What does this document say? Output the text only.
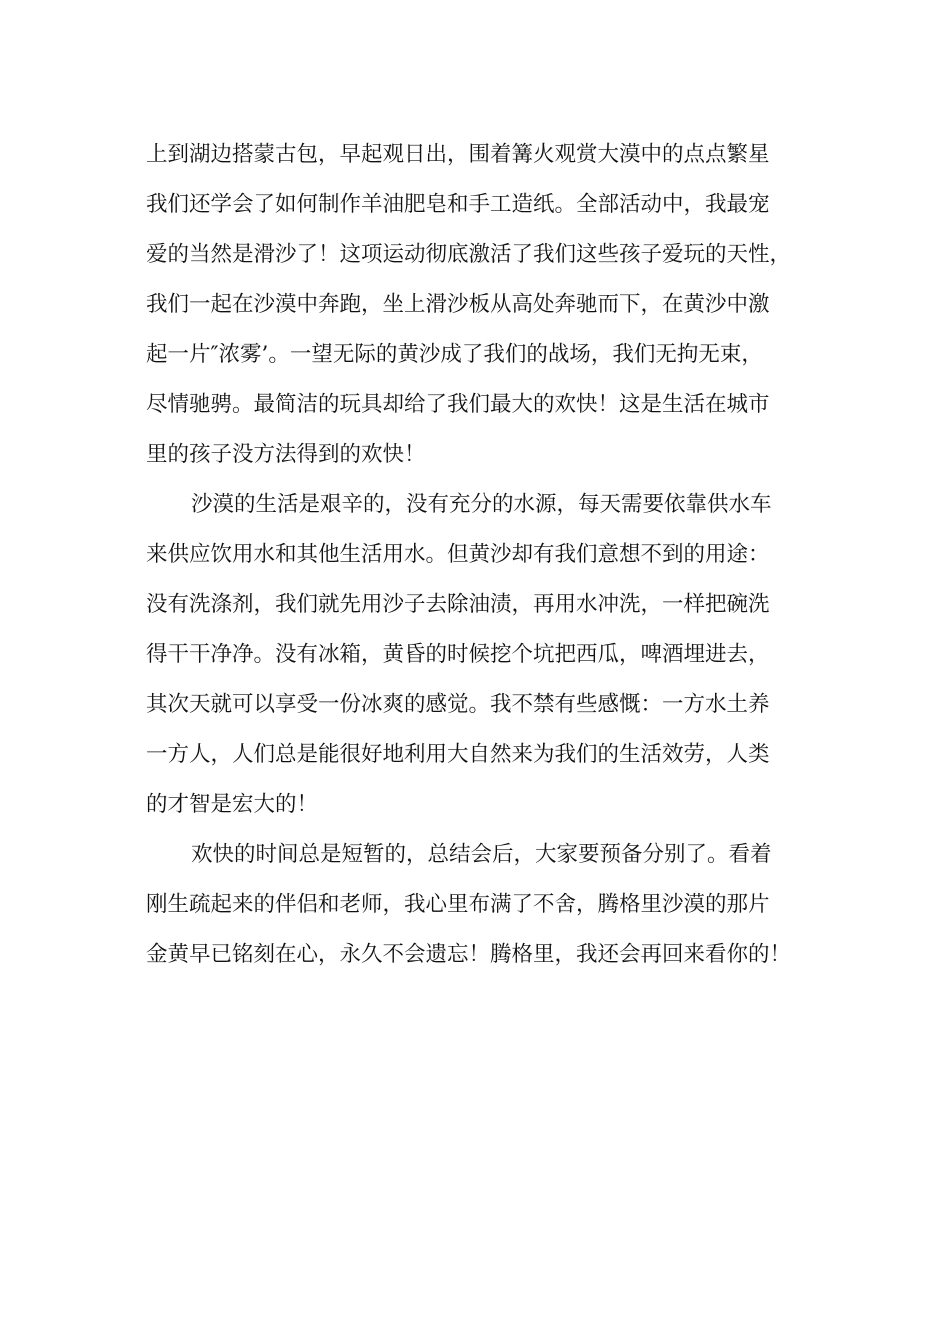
上到湖边搭蒙古包，早起观日出，围着篝火观赏大漠中的点点繁星
我们还学会了如何制作羊油肥皂和手工造纸。全部活动中，我最宠
爱的当然是滑沙了！这项运动彻底激活了我们这些孩子爱玩的天性，
我们一起在沙漠中奔跑，坐上滑沙板从高处奔驰而下，在黄沙中激
起一片″浓雾’。一望无际的黄沙成了我们的战场，我们无拘无束，
尽情驰骋。最简洁的玩具却给了我们最大的欢快！这是生活在城市
里的孩子没方法得到的欢快！
沙漠的生活是艰辛的，没有充分的水源，每天需要依靠供水车
来供应饮用水和其他生活用水。但黄沙却有我们意想不到的用途：
没有洗涤剂，我们就先用沙子去除油渍，再用水冲洗，一样把碗洗
得干干净净。没有冰箱，黄昏的时候挖个坑把西瓜，啤酒埋进去，
其次天就可以享受一份冰爽的感觉。我不禁有些感慨：一方水土养
一方人，人们总是能很好地利用大自然来为我们的生活效劳，人类
的才智是宏大的！
欢快的时间总是短暂的，总结会后，大家要预备分别了。看着
刚生疏起来的伴侣和老师，我心里布满了不舍，腾格里沙漠的那片
金黄早已铭刻在心，永久不会遗忘！腾格里，我还会再回来看你的！
